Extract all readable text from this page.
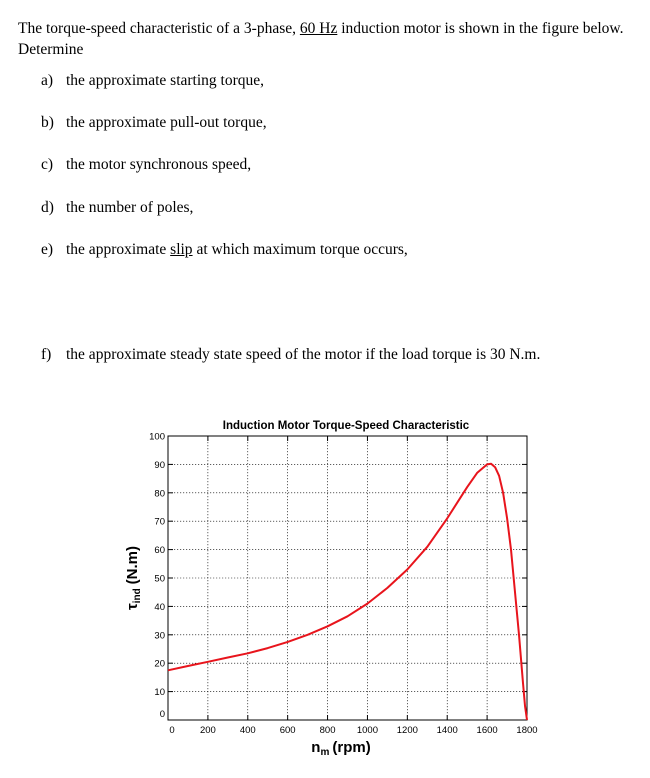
The torque-speed characteristic of a 3-phase, 60 Hz induction motor is shown in the figure below. Determine
a) the approximate starting torque,
b) the approximate pull-out torque,
c) the motor synchronous speed,
d) the number of poles,
e) the approximate slip at which maximum torque occurs,
f) the approximate steady state speed of the motor if the load torque is 30 N.m.
Induction Motor Torque-Speed Characteristic
0	200	400	600	800 1000 1200 1400 1600 1800
0
10
20
30
40
50
60
70
80
90
100
$n_m$ (rpm)
$\tau_{ind}(N.m)$
